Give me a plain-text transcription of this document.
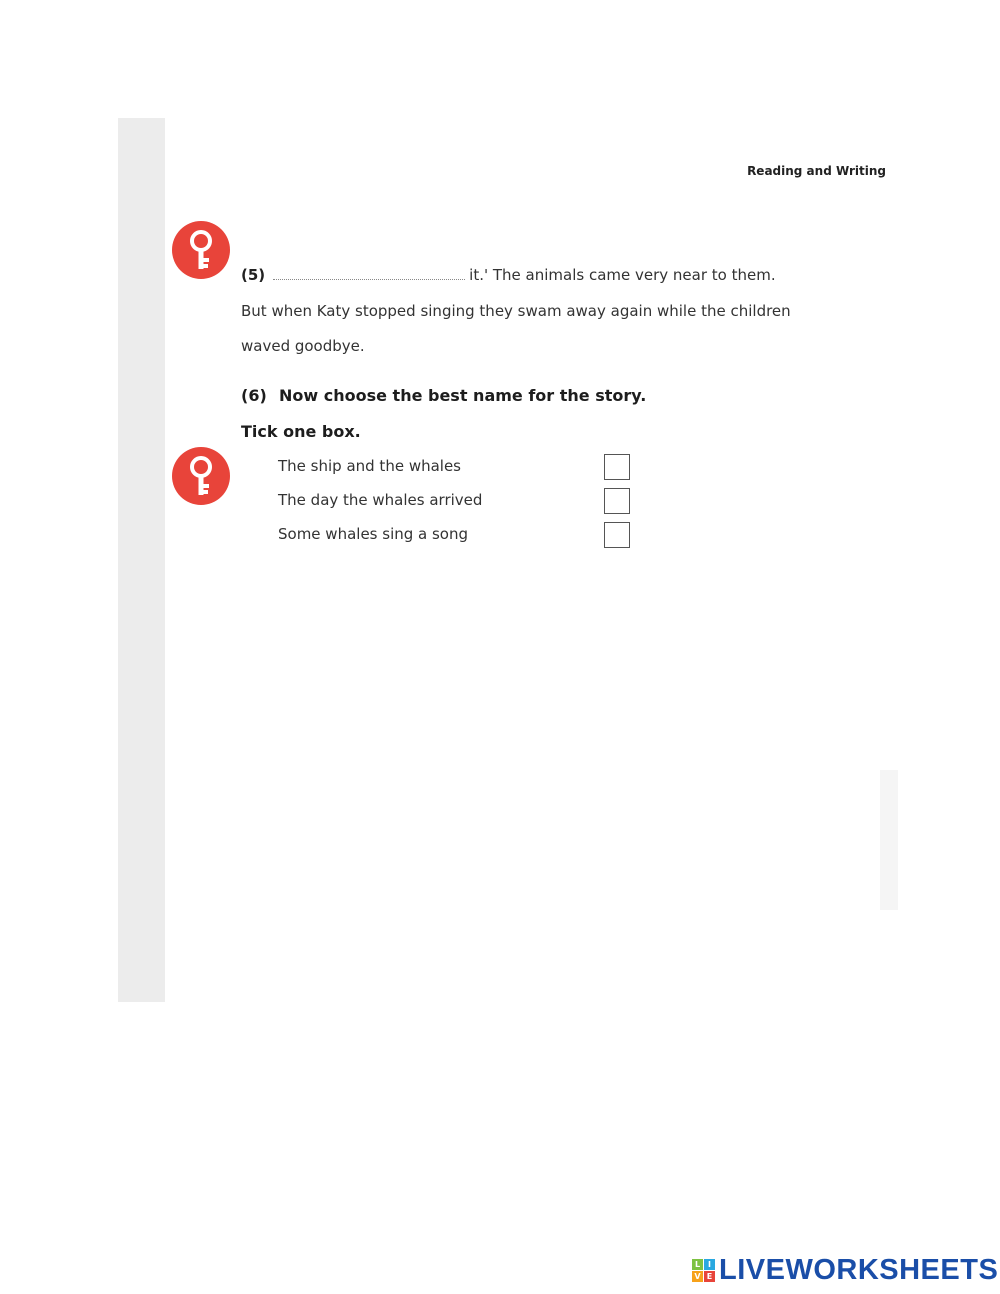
Reading and Writing
(5)	it.' The animals came very near to them.
But when Katy stopped singing they swam away again while the children
waved goodbye.
(6) Now choose the best name for the story.
Tick one box.
The ship and the whales
The day the whales arrived
Some whales sing a song
L I
V E LIVEWORKSHEETS
